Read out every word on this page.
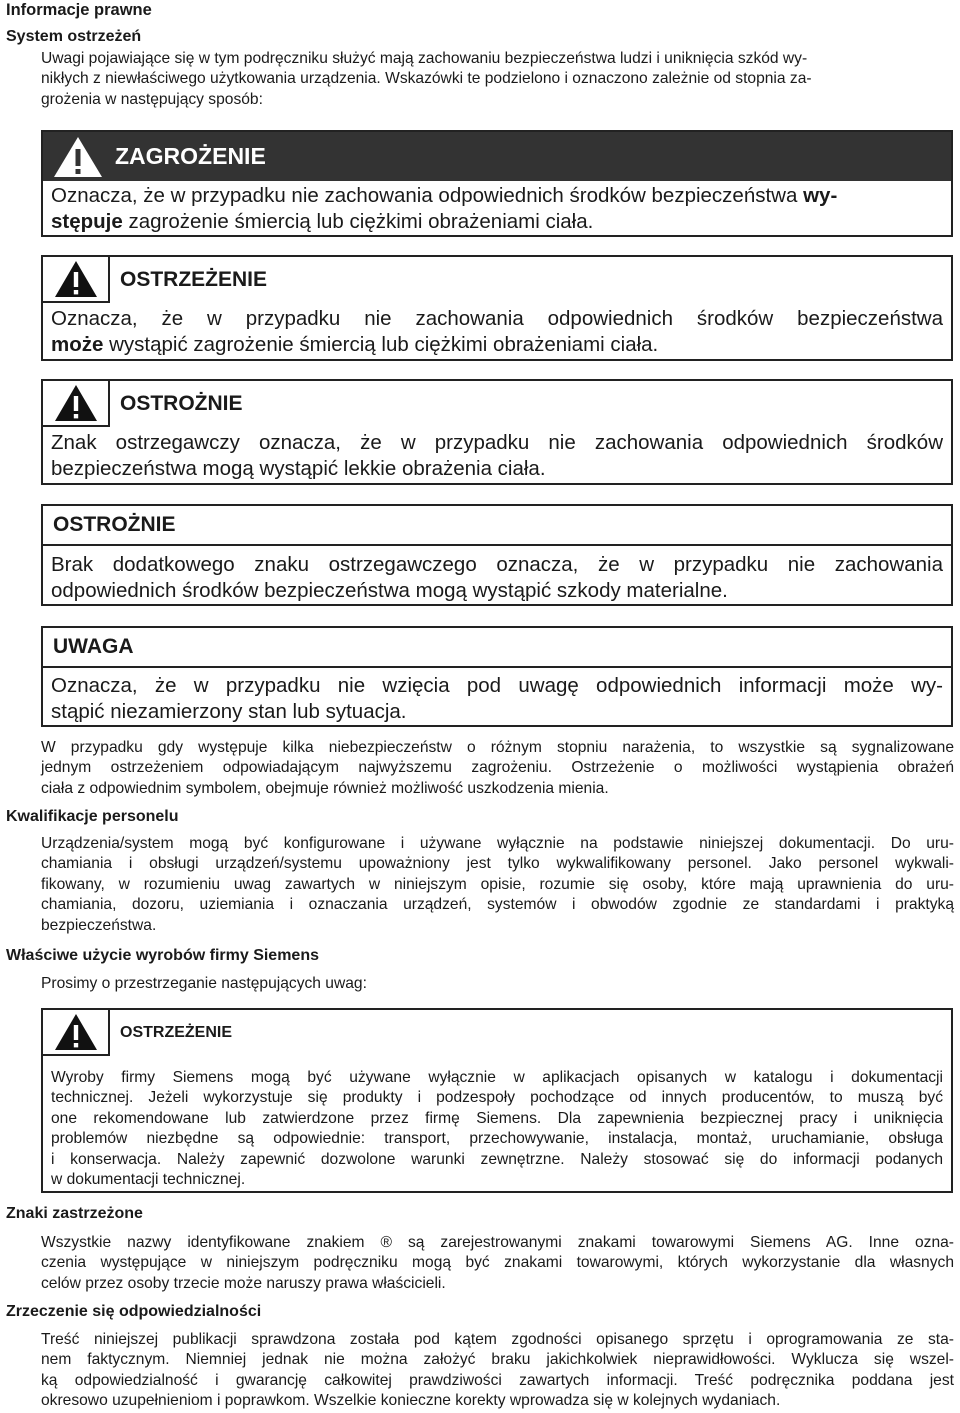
Informacje prawne
System ostrzeżeń
Uwagi pojawiające się w tym podręczniku służyć mają zachowaniu bezpieczeństwa ludzi i uniknięcia szkód wy-
nikłych z niewłaściwego użytkowania urządzenia. Wskazówki te podzielono i oznaczono zależnie od stopnia za-
grożenia w następujący sposób:
ZAGROŻENIE
Oznacza, że w przypadku nie zachowania odpowiednich środków bezpieczeństwa wy-
stępuje zagrożenie śmiercią lub ciężkimi obrażeniami ciała.
OSTRZEŻENIE
Oznacza, że w przypadku nie zachowania odpowiednich środków bezpieczeństwa
może wystąpić zagrożenie śmiercią lub ciężkimi obrażeniami ciała.
OSTROŻNIE
Znak ostrzegawczy oznacza, że w przypadku nie zachowania odpowiednich środków
bezpieczeństwa mogą wystąpić lekkie obrażenia ciała.
OSTROŻNIE
Brak dodatkowego znaku ostrzegawczego oznacza, że w przypadku nie zachowania
odpowiednich środków bezpieczeństwa mogą wystąpić szkody materialne.
UWAGA
Oznacza, że w przypadku nie wzięcia pod uwagę odpowiednich informacji może wy-
stąpić niezamierzony stan lub sytuacja.
W przypadku gdy występuje kilka niebezpieczeństw o różnym stopniu narażenia, to wszystkie są sygnalizowane
jednym ostrzeżeniem odpowiadającym najwyższemu zagrożeniu. Ostrzeżenie o możliwości wystąpienia obrażeń
ciała z odpowiednim symbolem, obejmuje również możliwość uszkodzenia mienia.
Kwalifikacje personelu
Urządzenia/system mogą być konfigurowane i używane wyłącznie na podstawie niniejszej dokumentacji. Do uru-
chamiania i obsługi urządzeń/systemu upoważniony jest tylko wykwalifikowany personel. Jako personel wykwali-
fikowany, w rozumieniu uwag zawartych w niniejszym opisie, rozumie się osoby, które mają uprawnienia do uru-
chamiania, dozoru, uziemiania i oznaczania urządzeń, systemów i obwodów zgodnie ze standardami i praktyką
bezpieczeństwa.
Właściwe użycie wyrobów firmy Siemens
Prosimy o przestrzeganie następujących uwag:
OSTRZEŻENIE
Wyroby firmy Siemens mogą być używane wyłącznie w aplikacjach opisanych w katalogu i dokumentacji
technicznej. Jeżeli wykorzystuje się produkty i podzespoły pochodzące od innych producentów, to muszą być
one rekomendowane lub zatwierdzone przez firmę Siemens. Dla zapewnienia bezpiecznej pracy i uniknięcia
problemów niezbędne są odpowiednie: transport, przechowywanie, instalacja, montaż, uruchamianie, obsługa
i konserwacja. Należy zapewnić dozwolone warunki zewnętrzne. Należy stosować się do informacji podanych
w dokumentacji technicznej.
Znaki zastrzeżone
Wszystkie nazwy identyfikowane znakiem ® są zarejestrowanymi znakami towarowymi Siemens AG. Inne ozna-
czenia występujące w niniejszym podręczniku mogą być znakami towarowymi, których wykorzystanie dla własnych
celów przez osoby trzecie może naruszy prawa właścicieli.
Zrzeczenie się odpowiedzialności
Treść niniejszej publikacji sprawdzona została pod kątem zgodności opisanego sprzętu i oprogramowania ze sta-
nem faktycznym. Niemniej jednak nie można założyć braku jakichkolwiek nieprawidłowości. Wyklucza się wszel-
ką odpowiedzialność i gwarancję całkowitej prawdziwości zawartych informacji. Treść podręcznika poddana jest
okresowo uzupełnieniom i poprawkom. Wszelkie konieczne korekty wprowadza się w kolejnych wydaniach.
